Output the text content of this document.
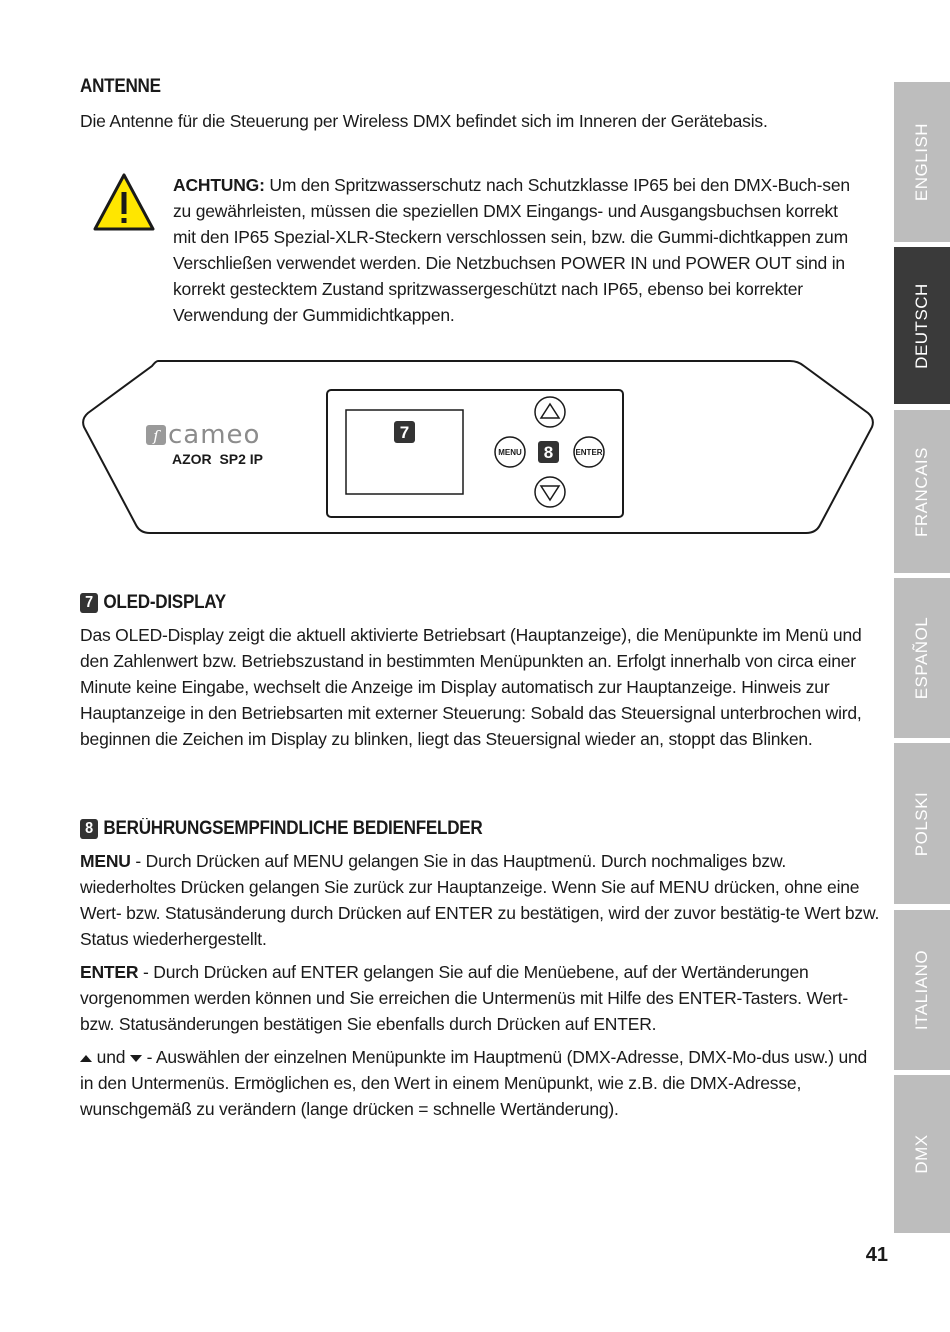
ANTENNE
Die Antenne für die Steuerung per Wireless DMX befindet sich im Inneren der Gerätebasis.
ACHTUNG: Um den Spritzwasserschutz nach Schutzklasse IP65 bei den DMX-Buch-sen zu gewährleisten, müssen die speziellen DMX Eingangs- und Ausgangsbuchsen korrekt mit den IP65 Spezial-XLR-Steckern verschlossen sein, bzw. die Gummi-dichtkappen zum Verschließen verwendet werden. Die Netzbuchsen POWER IN und POWER OUT sind in korrekt gestecktem Zustand spritzwassergeschützt nach IP65, ebenso bei korrekter Verwendung der Gummidichtkappen.
ſ cameo
AZOR  SP2 IP
7
MENU 8	ENTER
7 OLED-DISPLAY
Das OLED-Display zeigt die aktuell aktivierte Betriebsart (Hauptanzeige), die Menüpunkte im Menü und den Zahlenwert bzw. Betriebszustand in bestimmten Menüpunkten an. Erfolgt innerhalb von circa einer Minute keine Eingabe, wechselt die Anzeige im Display automatisch zur Hauptanzeige. Hinweis zur Hauptanzeige in den Betriebsarten mit externer Steuerung: Sobald das Steuersignal unterbrochen wird, beginnen die Zeichen im Display zu blinken, liegt das Steuersignal wieder an, stoppt das Blinken.
8 BERÜHRUNGSEMPFINDLICHE BEDIENFELDER
MENU - Durch Drücken auf MENU gelangen Sie in das Hauptmenü. Durch nochmaliges bzw. wiederholtes Drücken gelangen Sie zurück zur Hauptanzeige. Wenn Sie auf MENU drücken, ohne eine Wert- bzw. Statusänderung durch Drücken auf ENTER zu bestätigen, wird der zuvor bestätig-te Wert bzw. Status wiederhergestellt.
ENTER - Durch Drücken auf ENTER gelangen Sie auf die Menüebene, auf der Wertänderungen vorgenommen werden können und Sie erreichen die Untermenüs mit Hilfe des ENTER-Tasters. Wert- bzw. Statusänderungen bestätigen Sie ebenfalls durch Drücken auf ENTER.
und  - Auswählen der einzelnen Menüpunkte im Hauptmenü (DMX-Adresse, DMX-Mo-dus usw.) und in den Untermenüs. Ermöglichen es, den Wert in einem Menüpunkt, wie z.B. die DMX-Adresse, wunschgemäß zu verändern (lange drücken = schnelle Wertänderung).
ENGLISH
DEUTSCH
FRANCAIS
ESPAÑOL
POLSKI
ITALIANO
DMX
41
